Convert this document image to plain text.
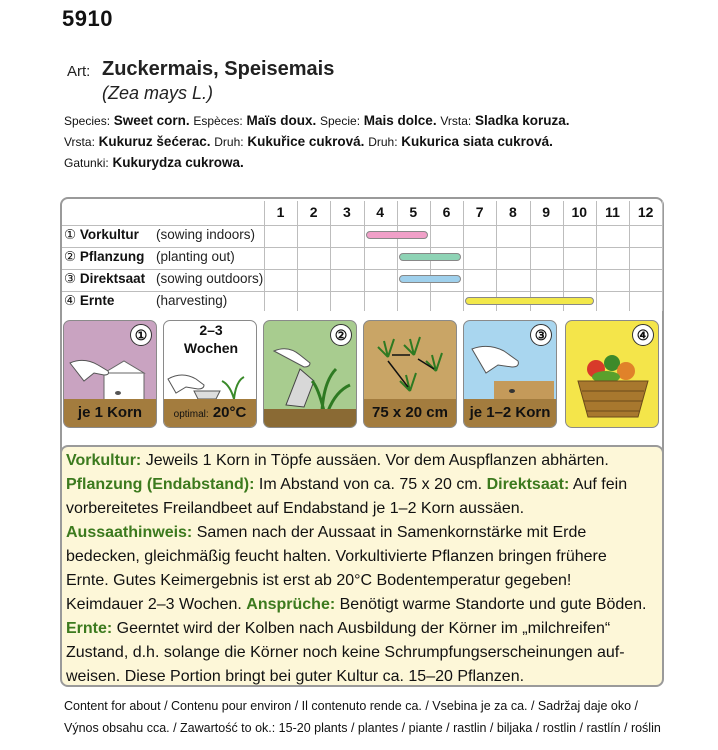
5910
Art: Zuckermais, Speisemais
(Zea mays L.)
Species: Sweet corn. Espèces: Maïs doux. Specie: Mais dolce. Vrsta: Sladka koruza.
Vrsta: Kukuruz šećerac. Druh: Kukuřice cukrová. Druh: Kukurica siata cukrová.
Gatunki: Kukurydza cukrowa.
1	2	3	4	5	6	7	8	9	10	11	12
① Vorkultur (sowing indoors)
② Pflanzung (planting out)
③ Direktsaat (sowing outdoors)
④ Ernte	(harvesting)
①
je 1 Korn
2–3
Wochen
optimal: 20°C
②
75 x 20 cm
③
je 1–2 Korn
④
Vorkultur: Jeweils 1 Korn in Töpfe aussäen. Vor dem Auspflanzen abhärten.
Pflanzung (Endabstand): Im Abstand von ca. 75 x 20 cm. Direktsaat: Auf fein
vorbereitetes Freilandbeet auf Endabstand je 1–2 Korn aussäen.
Aussaathinweis: Samen nach der Aussaat in Samenkornstärke mit Erde
bedecken, gleichmäßig feucht halten. Vorkultivierte Pflanzen bringen frühere
Ernte. Gutes Keimergebnis ist erst ab 20°C Bodentemperatur gegeben!
Keimdauer 2–3 Wochen. Ansprüche: Benötigt warme Standorte und gute Böden.
Ernte: Geerntet wird der Kolben nach Ausbildung der Körner im „milchreifen“
Zustand, d.h. solange die Körner noch keine Schrumpfungserscheinungen auf-
weisen. Diese Portion bringt bei guter Kultur ca. 15–20 Pflanzen.
Content for about / Contenu pour environ / Il contenuto rende ca. / Vsebina je za ca. / Sadržaj daje oko /
Výnos obsahu cca. / Zawartość to ok.: 15-20 plants / plantes / piante / rastlin / biljaka / rostlin / rastlín / roślin
